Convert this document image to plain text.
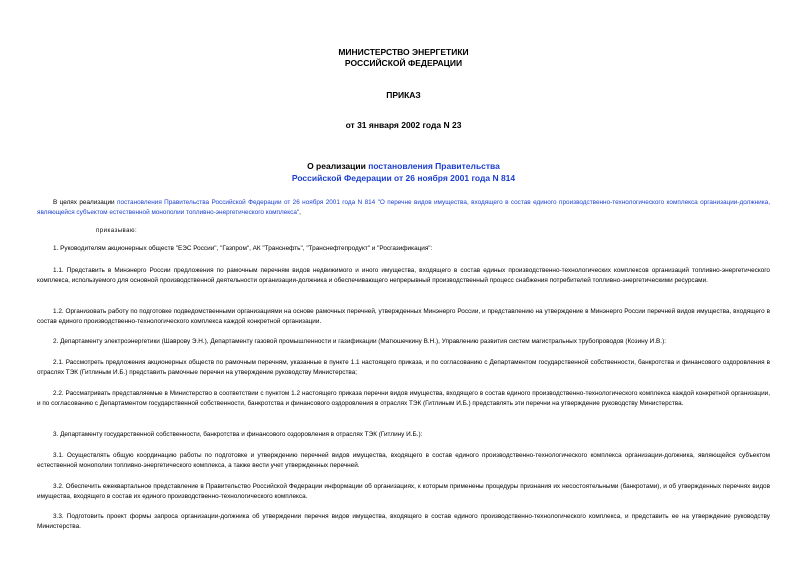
МИНИСТЕРСТВО ЭНЕРГЕТИКИ
РОССИЙСКОЙ ФЕДЕРАЦИИ
ПРИКАЗ
от 31 января 2002 года N 23
О реализации постановления Правительства
Российской Федерации от 26 ноября 2001 года N 814
В целях реализации постановления Правительства Российской Федерации от 26 ноября 2001 года N 814 "О перечне видов имущества, входящего в состав единого производственно-технологического комплекса организации-должника, являющейся субъектом естественной монополии топливно-энергетического комплекса",
приказываю:
1. Руководителям акционерных обществ "ЕЭС России", "Газпром", АК "Транснефть", "Транснефтепродукт" и "Росгазификация":
1.1. Представить в Минэнерго России предложения по рамочным перечням видов недвижимого и иного имущества, входящего в состав единых производственно-технологических комплексов организаций топливно-энергетического комплекса, используемого для основной производственной деятельности организации-должника и обеспечивающего непрерывный производственный процесс снабжения потребителей топливно-энергетическими ресурсами.
1.2. Организовать работу по подготовке подведомственными организациями на основе рамочных перечней, утвержденных Минэнерго России, и представлению на утверждение в Минэнерго России перечней видов имущества, входящего в состав единого производственно-технологического комплекса каждой конкретной организации.
2. Департаменту электроэнергетики (Шаврову Э.Н.), Департаменту газовой промышленности и газификации (Матюшечкину В.Н.), Управлению развития систем магистральных трубопроводов (Козину И.В.):
2.1. Рассмотреть предложения акционерных обществ по рамочным перечням, указанные в пункте 1.1 настоящего приказа, и по согласованию с Департаментом государственной собственности, банкротства и финансового оздоровления в отраслях ТЭК (Гитлиным И.Б.) представить рамочные перечни на утверждение руководству Министерства;
2.2. Рассматривать представляемые в Министерство в соответствии с пунктом 1.2 настоящего приказа перечни видов имущества, входящего в состав единого производственно-технологического комплекса каждой конкретной организации, и по согласованию с Департаментом государственной собственности, банкротства и финансового оздоровления в отраслях ТЭК (Гитлиным И.Б.) представлять эти перечни на утверждение руководству Министерства.
3. Департаменту государственной собственности, банкротства и финансового оздоровления в отраслях ТЭК (Гитлину И.Б.):
3.1. Осуществлять общую координацию работы по подготовке и утверждению перечней видов имущества, входящего в состав единого производственно-технологического комплекса организации-должника, являющейся субъектом естественной монополии топливно-энергетического комплекса, а также вести учет утвержденных перечней.
3.2. Обеспечить ежеквартальное представление в Правительство Российской Федерации информации об организациях, к которым применены процедуры признания их несостоятельными (банкротами), и об утвержденных перечнях видов имущества, входящего в состав их единого производственно-технологического комплекса.
3.3. Подготовить проект формы запроса организации-должника об утверждении перечня видов имущества, входящего в состав единого производственно-технологического комплекса, и представить ее на утверждение руководству Министерства.
